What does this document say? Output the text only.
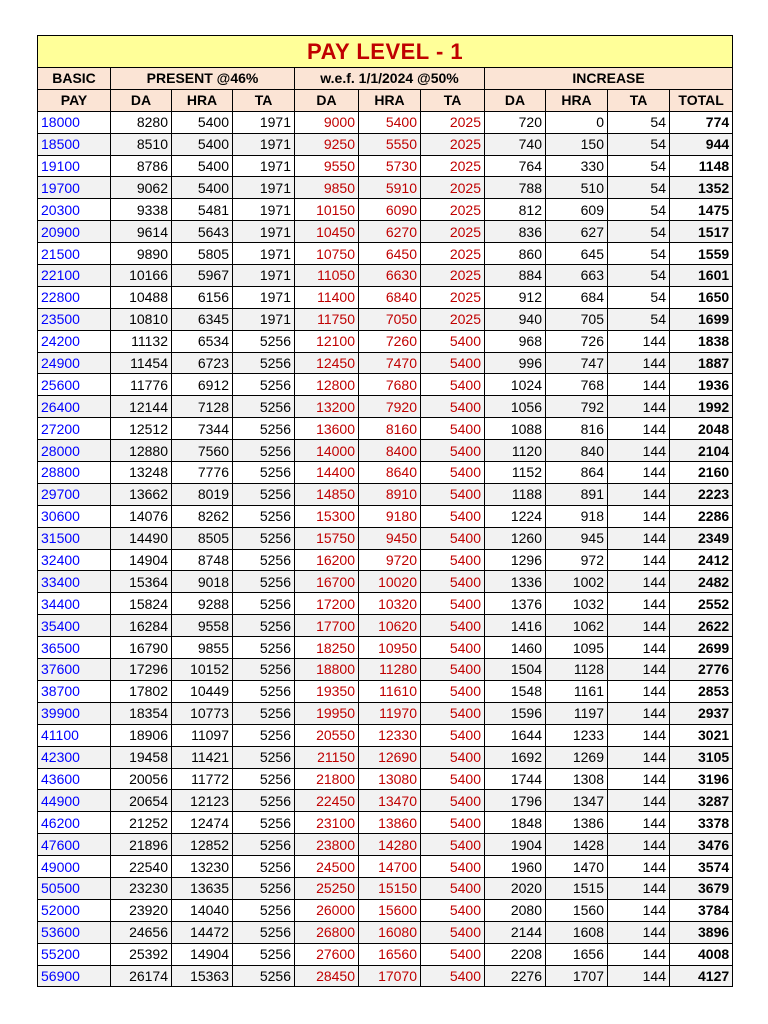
PAY LEVEL - 1										
BASIC	PRESENT @46%			w.e.f. 1/1/2024 @50%			INCREASE			
PAY	DA	HRA	TA	DA	HRA	TA	DA	HRA	TA	TOTAL
18000	8280	5400	1971	9000	5400	2025	720	0	54	774
18500	8510	5400	1971	9250	5550	2025	740	150	54	944
19100	8786	5400	1971	9550	5730	2025	764	330	54	1148
19700	9062	5400	1971	9850	5910	2025	788	510	54	1352
20300	9338	5481	1971	10150	6090	2025	812	609	54	1475
20900	9614	5643	1971	10450	6270	2025	836	627	54	1517
21500	9890	5805	1971	10750	6450	2025	860	645	54	1559
22100	10166	5967	1971	11050	6630	2025	884	663	54	1601
22800	10488	6156	1971	11400	6840	2025	912	684	54	1650
23500	10810	6345	1971	11750	7050	2025	940	705	54	1699
24200	11132	6534	5256	12100	7260	5400	968	726	144	1838
24900	11454	6723	5256	12450	7470	5400	996	747	144	1887
25600	11776	6912	5256	12800	7680	5400	1024	768	144	1936
26400	12144	7128	5256	13200	7920	5400	1056	792	144	1992
27200	12512	7344	5256	13600	8160	5400	1088	816	144	2048
28000	12880	7560	5256	14000	8400	5400	1120	840	144	2104
28800	13248	7776	5256	14400	8640	5400	1152	864	144	2160
29700	13662	8019	5256	14850	8910	5400	1188	891	144	2223
30600	14076	8262	5256	15300	9180	5400	1224	918	144	2286
31500	14490	8505	5256	15750	9450	5400	1260	945	144	2349
32400	14904	8748	5256	16200	9720	5400	1296	972	144	2412
33400	15364	9018	5256	16700	10020	5400	1336	1002	144	2482
34400	15824	9288	5256	17200	10320	5400	1376	1032	144	2552
35400	16284	9558	5256	17700	10620	5400	1416	1062	144	2622
36500	16790	9855	5256	18250	10950	5400	1460	1095	144	2699
37600	17296	10152	5256	18800	11280	5400	1504	1128	144	2776
38700	17802	10449	5256	19350	11610	5400	1548	1161	144	2853
39900	18354	10773	5256	19950	11970	5400	1596	1197	144	2937
41100	18906	11097	5256	20550	12330	5400	1644	1233	144	3021
42300	19458	11421	5256	21150	12690	5400	1692	1269	144	3105
43600	20056	11772	5256	21800	13080	5400	1744	1308	144	3196
44900	20654	12123	5256	22450	13470	5400	1796	1347	144	3287
46200	21252	12474	5256	23100	13860	5400	1848	1386	144	3378
47600	21896	12852	5256	23800	14280	5400	1904	1428	144	3476
49000	22540	13230	5256	24500	14700	5400	1960	1470	144	3574
50500	23230	13635	5256	25250	15150	5400	2020	1515	144	3679
52000	23920	14040	5256	26000	15600	5400	2080	1560	144	3784
53600	24656	14472	5256	26800	16080	5400	2144	1608	144	3896
55200	25392	14904	5256	27600	16560	5400	2208	1656	144	4008
56900	26174	15363	5256	28450	17070	5400	2276	1707	144	4127
